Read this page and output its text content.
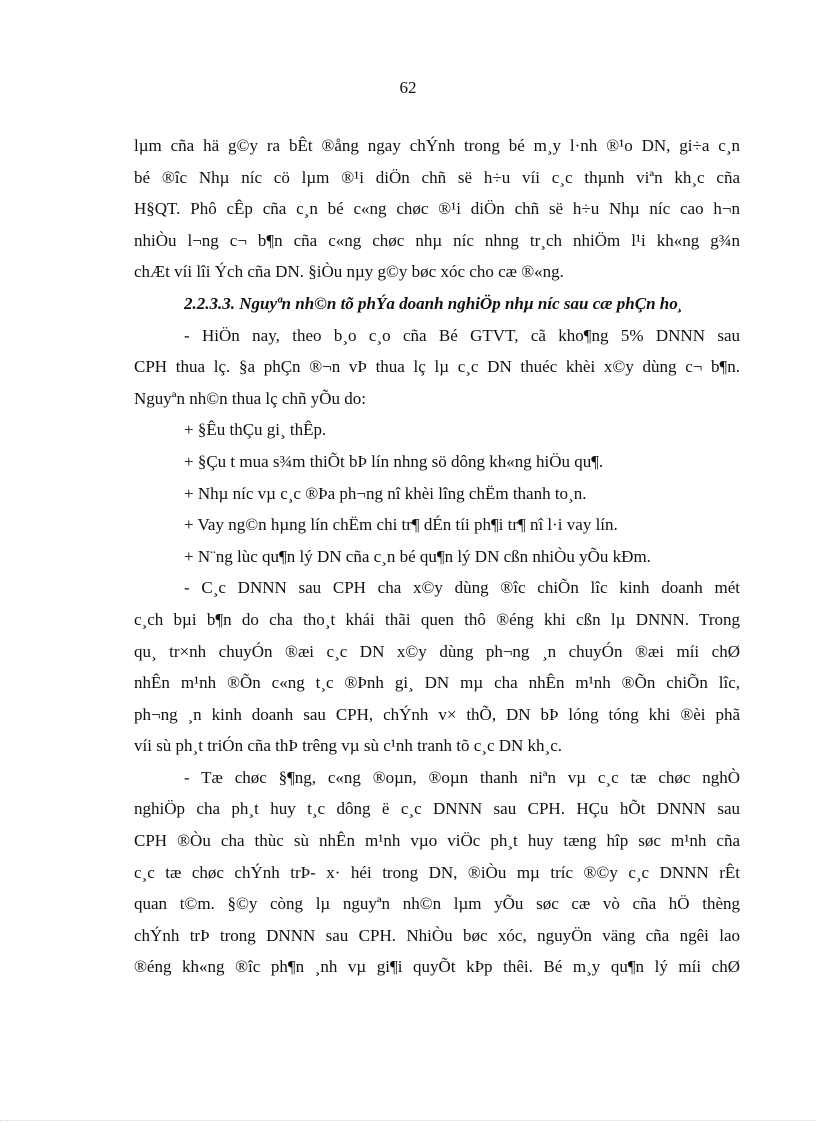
62
lµm cña hä g©y ra bÊt ®ång ngay chÝnh trong bé m¸y l·nh ®¹o DN, gi÷a c¸n
bé ®îc Nhµ níc cö lµm ®¹i diÖn chñ së h÷u víi c¸c thµnh viªn kh¸c cña
H§QT. Phô cÊp cña c¸n bé c«ng chøc ®¹i diÖn chñ së h÷u Nhµ níc cao h¬n
nhiÒu l¬ng c¬ b¶n cña c«ng chøc nhµ níc nhng tr¸ch nhiÖm l¹i kh«ng g¾n
chÆt víi lîi Ých cña DN. §iÒu nµy g©y bøc xóc cho cæ ®«ng.
2.2.3.3. Nguyªn nh©n tõ phÝa doanh nghiÖp nhµ níc sau cæ phÇn ho¸
- HiÖn nay, theo b¸o c¸o cña Bé GTVT, cã kho¶ng 5% DNNN sau
CPH thua lç. §a phÇn ®¬n vÞ thua lç lµ c¸c DN thuéc khèi x©y dùng c¬ b¶n.
Nguyªn nh©n thua lç chñ yÕu do:
+ §Êu thÇu gi¸ thÊp.
+ §Çu t mua s¾m thiÕt bÞ lín nhng sö dông kh«ng hiÖu qu¶.
+ Nhµ níc vµ c¸c ®Þa ph¬ng nî khèi lîng chËm thanh to¸n.
+ Vay ng©n hµng lín chËm chi tr¶ dÉn tíi ph¶i tr¶ nî l·i vay lín.
+ N¨ng lùc qu¶n lý DN cña c¸n bé qu¶n lý DN cßn nhiÒu yÕu kÐm.
- C¸c DNNN sau CPH cha x©y dùng ®îc chiÕn lîc kinh doanh mét
c¸ch bµi b¶n do cha tho¸t khái thãi quen thô ®éng khi cßn lµ DNNN. Trong
qu¸ tr×nh chuyÓn ®æi c¸c DN x©y dùng ph¬ng ¸n chuyÓn ®æi míi chØ
nhÊn m¹nh ®Õn c«ng t¸c ®Þnh gi¸ DN mµ cha nhÊn m¹nh ®Õn chiÕn lîc,
ph¬ng ¸n kinh doanh sau CPH, chÝnh v× thÕ, DN bÞ lóng tóng khi ®èi phã
víi sù ph¸t triÓn cña thÞ trêng vµ sù c¹nh tranh tõ c¸c DN kh¸c.
- Tæ chøc §¶ng, c«ng ®oµn, ®oµn thanh niªn vµ c¸c tæ chøc nghÒ
nghiÖp cha ph¸t huy t¸c dông ë c¸c DNNN sau CPH. HÇu hÕt DNNN sau
CPH ®Òu cha thùc sù nhÊn m¹nh vµo viÖc ph¸t huy tæng hîp søc m¹nh cña
c¸c tæ chøc chÝnh trÞ- x· héi trong DN, ®iÒu mµ tríc ®©y c¸c DNNN rÊt
quan t©m. §©y còng lµ nguyªn nh©n lµm yÕu søc cæ vò cña hÖ thèng
chÝnh trÞ trong DNNN sau CPH. NhiÒu bøc xóc, nguyÖn väng cña ngêi lao
®éng kh«ng ®îc ph¶n ¸nh vµ gi¶i quyÕt kÞp thêi. Bé m¸y qu¶n lý míi chØ
